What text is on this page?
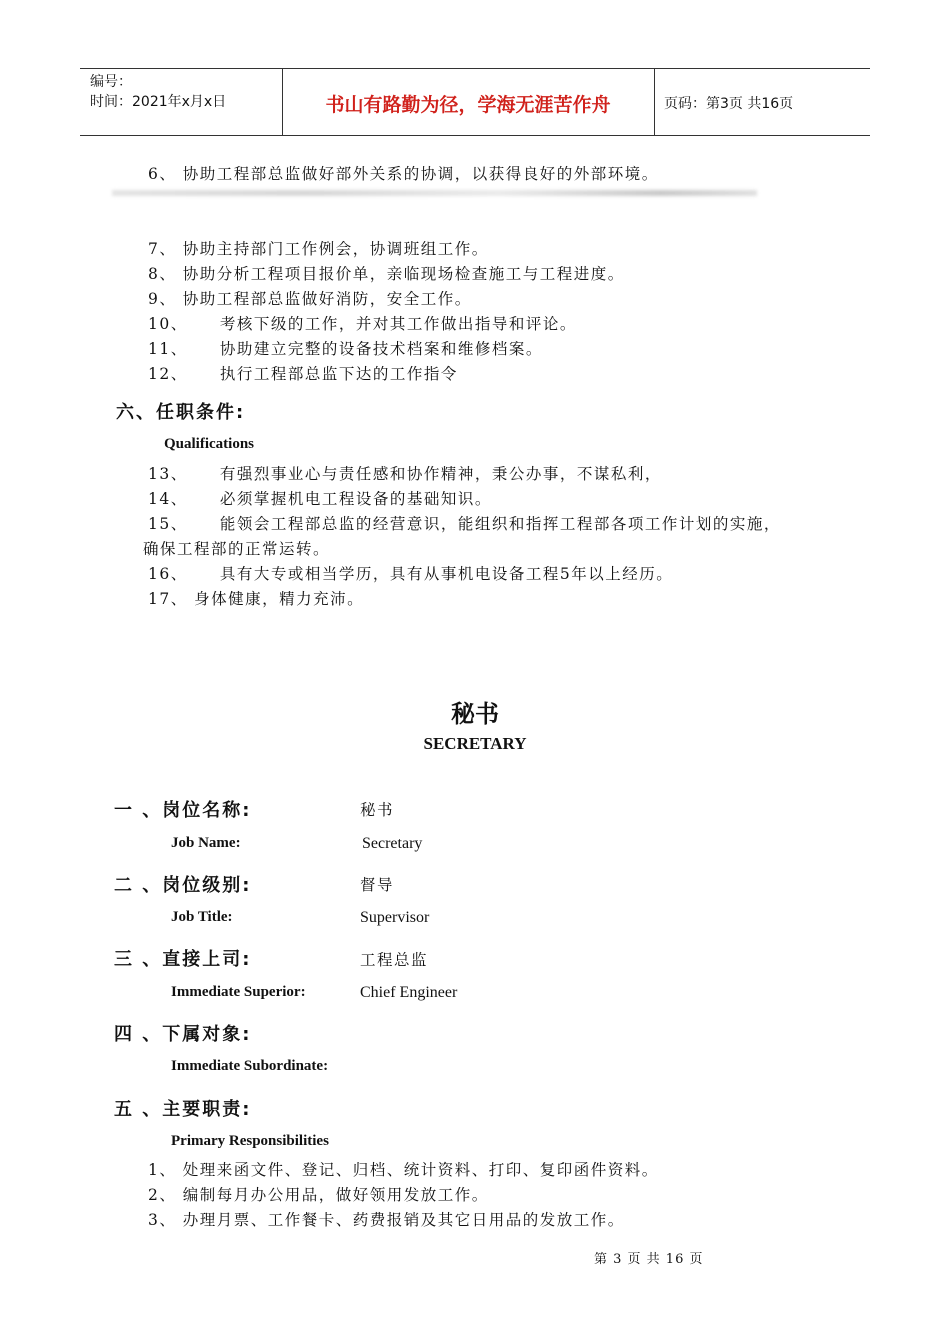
编号：
时间：2021年x月x日	书山有路勤为径，学海无涯苦作舟	页码：第3页 共16页
6、 协助工程部总监做好部外关系的协调，以获得良好的外部环境。
7、 协助主持部门工作例会，协调班组工作。
8、 协助分析工程项目报价单，亲临现场检查施工与工程进度。
9、 协助工程部总监做好消防，安全工作。
10、     考核下级的工作，并对其工作做出指导和评论。
11、     协助建立完整的设备技术档案和维修档案。
12、     执行工程部总监下达的工作指令
六、任职条件:
Qualifications
13、     有强烈事业心与责任感和协作精神，秉公办事，不谋私利，
14、     必须掌握机电工程设备的基础知识。
15、     能领会工程部总监的经营意识，能组织和指挥工程部各项工作计划的实施，
确保工程部的正常运转。
16、     具有大专或相当学历，具有从事机电设备工程5年以上经历。
17、 身体健康，精力充沛。
秘书
SECRETARY
一 、岗位名称:	秘书
Job Name:	Secretary
二 、岗位级别:	督导
Job Title:	Supervisor
三 、直接上司:	工程总监
Immediate Superior:	Chief Engineer
四 、下属对象:
Immediate Subordinate:
五 、主要职责:
Primary Responsibilities
1、 处理来函文件、登记、归档、统计资料、打印、复印函件资料。
2、 编制每月办公用品，做好领用发放工作。
3、 办理月票、工作餐卡、药费报销及其它日用品的发放工作。
第 3 页 共 16 页
